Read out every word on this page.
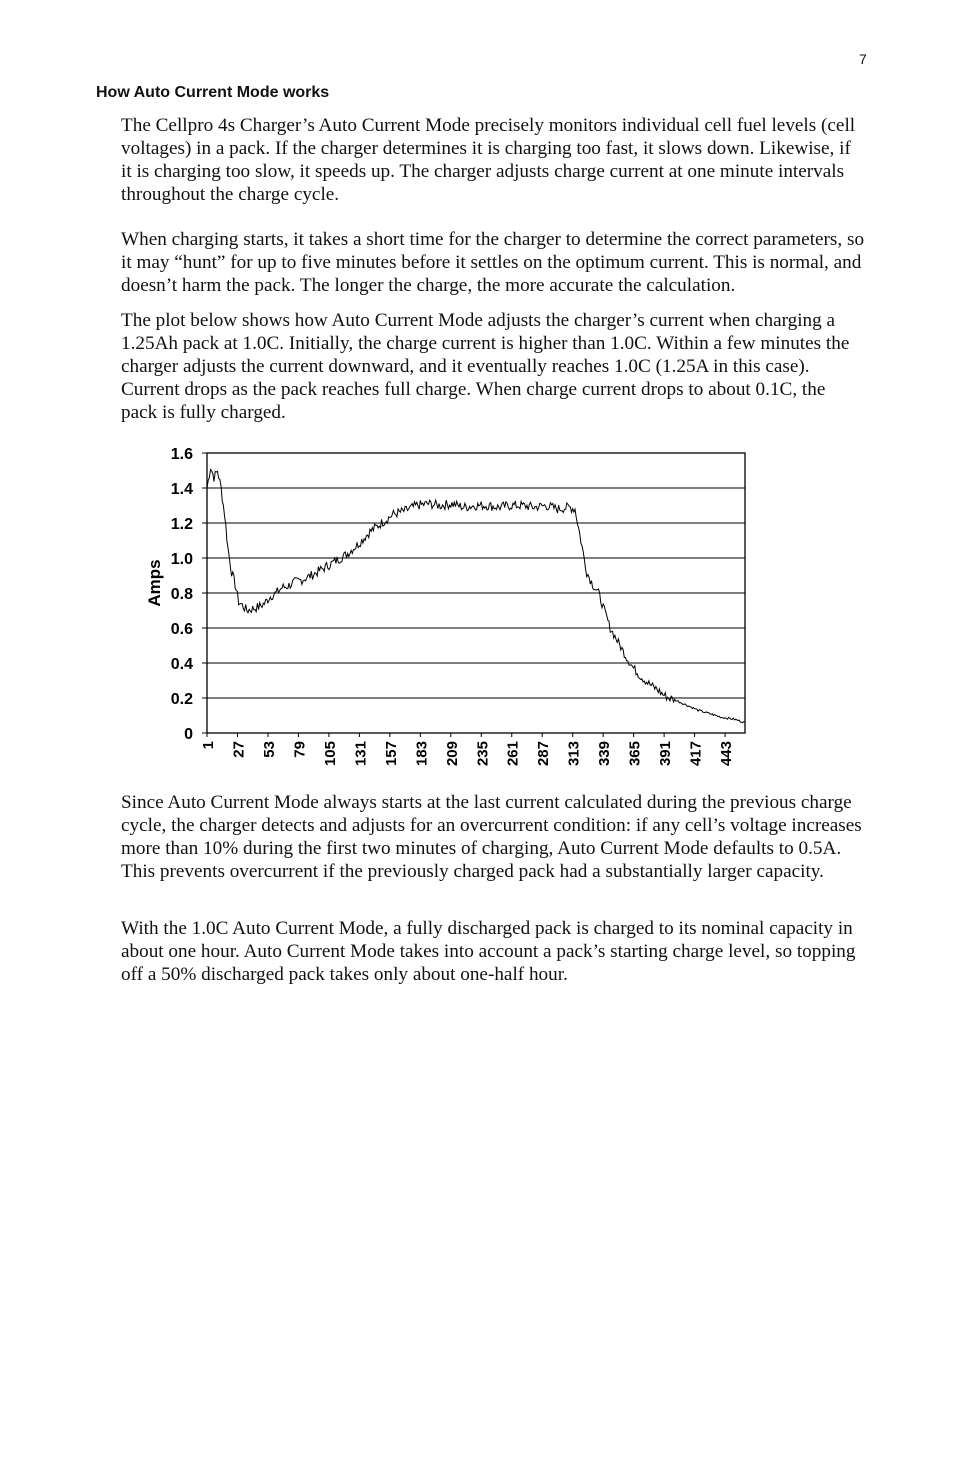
7
How Auto Current Mode works

The Cellpro 4s Charger’s Auto Current Mode precisely monitors individual cell fuel levels (cell voltages) in a pack. If the charger determines it is charging too fast, it slows down. Likewise, if it is charging too slow, it speeds up. The charger adjusts charge current at one minute intervals throughout the charge cycle.

When charging starts, it takes a short time for the charger to determine the correct parameters, so it may “hunt” for up to five minutes before it settles on the optimum current. This is normal, and doesn’t harm the pack. The longer the charge, the more accurate the calculation.

The plot below shows how Auto Current Mode adjusts the charger’s current when charging a 1.25Ah pack at 1.0C. Initially, the charge current is higher than 1.0C. Within a few minutes the charger adjusts the current downward, and it eventually reaches 1.0C (1.25A in this case). Current drops as the pack reaches full charge. When charge current drops to about 0.1C, the pack is fully charged.

1.6
1.4
1.2
1.0
0.8
0.6
0.4
0.2
0
1 27 53 79 105 131 157 183 209 235 261 287 313 339 365 391 417 443
Amps

Since Auto Current Mode always starts at the last current calculated during the previous charge cycle, the charger detects and adjusts for an overcurrent condition: if any cell’s voltage increases more than 10% during the first two minutes of charging, Auto Current Mode defaults to 0.5A. This prevents overcurrent if the previously charged pack had a substantially larger capacity.

With the 1.0C Auto Current Mode, a fully discharged pack is charged to its nominal capacity in about one hour. Auto Current Mode takes into account a pack’s starting charge level, so topping off a 50% discharged pack takes only about one-half hour.
